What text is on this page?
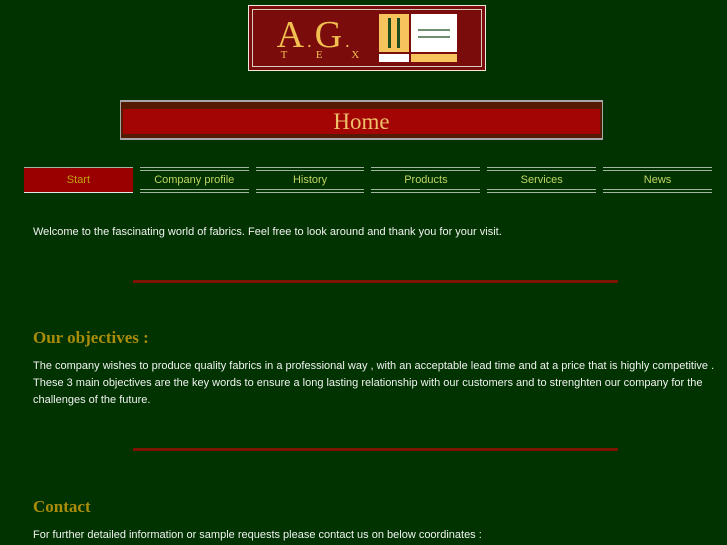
A . G .
T E X
Home
Start	Company profile	History	Products	Services	News
Welcome to the fascinating world of fabrics. Feel free to look around and thank you for your visit.
Our objectives :
The company wishes to produce quality fabrics in a professional way , with an acceptable lead time and at a price that is highly competitive . These 3 main objectives are the key words to ensure a long lasting relationship with our customers and to strenghten our company for the challenges of the future.
Contact
For further detailed information or sample requests please contact us on below coordinates :
